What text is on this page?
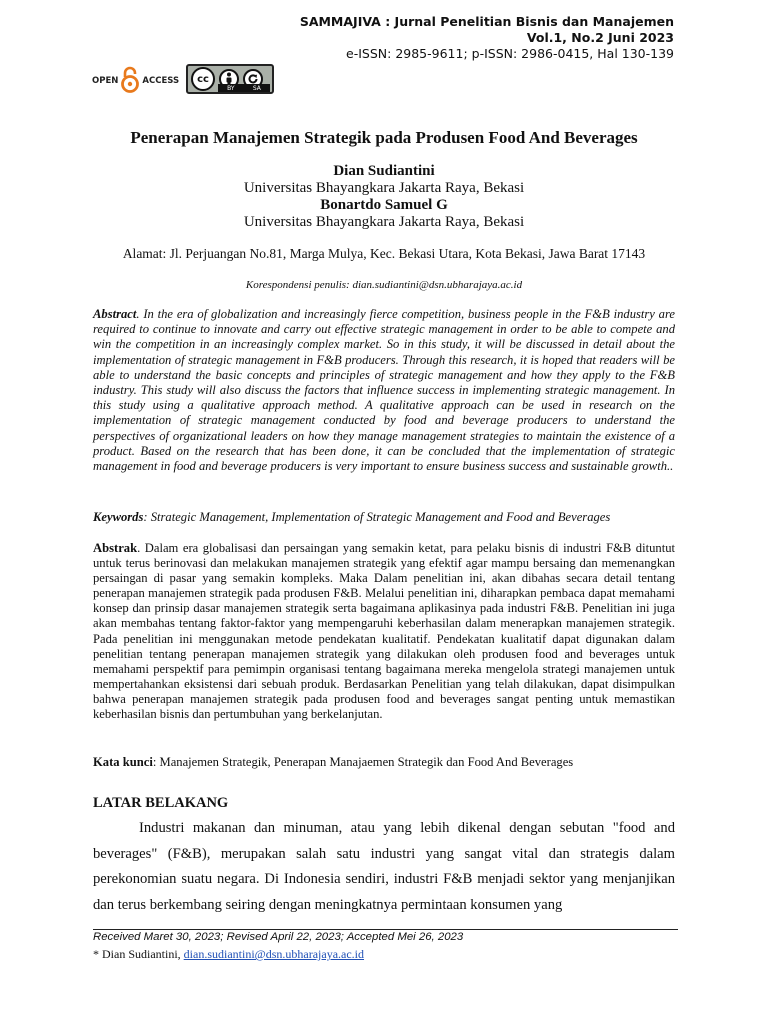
SAMMAJIVA : Jurnal Penelitian Bisnis dan Manajemen
Vol.1, No.2 Juni 2023
e-ISSN: 2985-9611; p-ISSN: 2986-0415, Hal 130-139
OPEN	ACCESS	cc
BY	SA
Penerapan Manajemen Strategik pada Produsen Food And Beverages
Dian Sudiantini
Universitas Bhayangkara Jakarta Raya, Bekasi
Bonartdo Samuel G
Universitas Bhayangkara Jakarta Raya, Bekasi
Alamat: Jl. Perjuangan No.81, Marga Mulya, Kec. Bekasi Utara, Kota Bekasi, Jawa Barat 17143
Korespondensi penulis: dian.sudiantini@dsn.ubharajaya.ac.id

Abstract. In the era of globalization and increasingly fierce competition, business people in the F&B industry are required to continue to innovate and carry out effective strategic management in order to be able to compete and win the competition in an increasingly complex market. So in this study, it will be discussed in detail about the implementation of strategic management in F&B producers. Through this research, it is hoped that readers will be able to understand the basic concepts and principles of strategic management and how they apply to the F&B industry. This study will also discuss the factors that influence success in implementing strategic management. In this study using a qualitative approach method. A qualitative approach can be used in research on the implementation of strategic management conducted by food and beverage producers to understand the perspectives of organizational leaders on how they manage management strategies to maintain the existence of a product. Based on the research that has been done, it can be concluded that the implementation of strategic management in food and beverage producers is very important to ensure business success and sustainable growth..

Keywords: Strategic Management, Implementation of Strategic Management and Food and Beverages

Abstrak. Dalam era globalisasi dan persaingan yang semakin ketat, para pelaku bisnis di industri F&B dituntut untuk terus berinovasi dan melakukan manajemen strategik yang efektif agar mampu bersaing dan memenangkan persaingan di pasar yang semakin kompleks. Maka Dalam penelitian ini, akan dibahas secara detail tentang penerapan manajemen strategik pada produsen F&B. Melalui penelitian ini, diharapkan pembaca dapat memahami konsep dan prinsip dasar manajemen strategik serta bagaimana aplikasinya pada industri F&B. Penelitian ini juga akan membahas tentang faktor-faktor yang mempengaruhi keberhasilan dalam menerapkan manajemen strategik. Pada penelitian ini menggunakan metode pendekatan kualitatif. Pendekatan kualitatif dapat digunakan dalam penelitian tentang penerapan manajemen strategik yang dilakukan oleh produsen food and beverages untuk memahami perspektif para pemimpin organisasi tentang bagaimana mereka mengelola strategi manajemen untuk mempertahankan eksistensi dari sebuah produk. Berdasarkan Penelitian yang telah dilakukan, dapat disimpulkan bahwa penerapan manajemen strategik pada produsen food and beverages sangat penting untuk memastikan keberhasilan bisnis dan pertumbuhan yang berkelanjutan.

Kata kunci: Manajemen Strategik, Penerapan Manajaemen Strategik dan Food And Beverages

LATAR BELAKANG

Industri makanan dan minuman, atau yang lebih dikenal dengan sebutan "food and beverages" (F&B), merupakan salah satu industri yang sangat vital dan strategis dalam perekonomian suatu negara. Di Indonesia sendiri, industri F&B menjadi sektor yang menjanjikan dan terus berkembang seiring dengan meningkatnya permintaan konsumen yang

Received Maret 30, 2023; Revised April 22, 2023; Accepted Mei 26, 2023
* Dian Sudiantini, dian.sudiantini@dsn.ubharajaya.ac.id
